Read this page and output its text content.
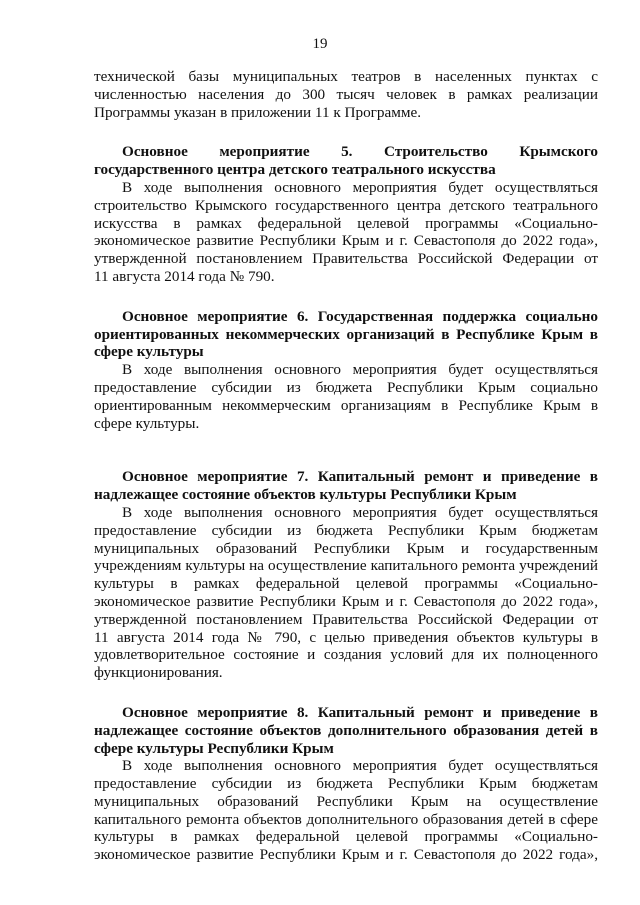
19
технической базы муниципальных театров в населенных пунктах с
численностью населения до 300 тысяч человек в рамках реализации
Программы указан в приложении 11 к Программе.
Основное мероприятие 5. Строительство Крымского
государственного центра детского театрального искусства
В ходе выполнения основного мероприятия будет осуществляться
строительство Крымского государственного центра детского театрального
искусства в рамках федеральной целевой программы «Социально-
экономическое развитие Республики Крым и г. Севастополя до 2022 года»,
утвержденной постановлением Правительства Российской Федерации от
11 августа 2014 года № 790.
Основное мероприятие 6. Государственная поддержка социально
ориентированных некоммерческих организаций в Республике Крым в
сфере культуры
В ходе выполнения основного мероприятия будет осуществляться
предоставление субсидии из бюджета Республики Крым социально
ориентированным некоммерческим организациям в Республике Крым в
сфере культуры.
Основное мероприятие 7. Капитальный ремонт и приведение в
надлежащее состояние объектов культуры Республики Крым
В ходе выполнения основного мероприятия будет осуществляться
предоставление субсидии из бюджета Республики Крым бюджетам
муниципальных образований Республики Крым и государственным
учреждениям культуры на осуществление капитального ремонта учреждений
культуры в рамках федеральной целевой программы «Социально-
экономическое развитие Республики Крым и г. Севастополя до 2022 года»,
утвержденной постановлением Правительства Российской Федерации от
11 августа 2014 года № 790, с целью приведения объектов культуры в
удовлетворительное состояние и создания условий для их полноценного
функционирования.
Основное мероприятие 8. Капитальный ремонт и приведение в
надлежащее состояние объектов дополнительного образования детей в
сфере культуры Республики Крым
В ходе выполнения основного мероприятия будет осуществляться
предоставление субсидии из бюджета Республики Крым бюджетам
муниципальных образований Республики Крым на осуществление
капитального ремонта объектов дополнительного образования детей в сфере
культуры в рамках федеральной целевой программы «Социально-
экономическое развитие Республики Крым и г. Севастополя до 2022 года»,
